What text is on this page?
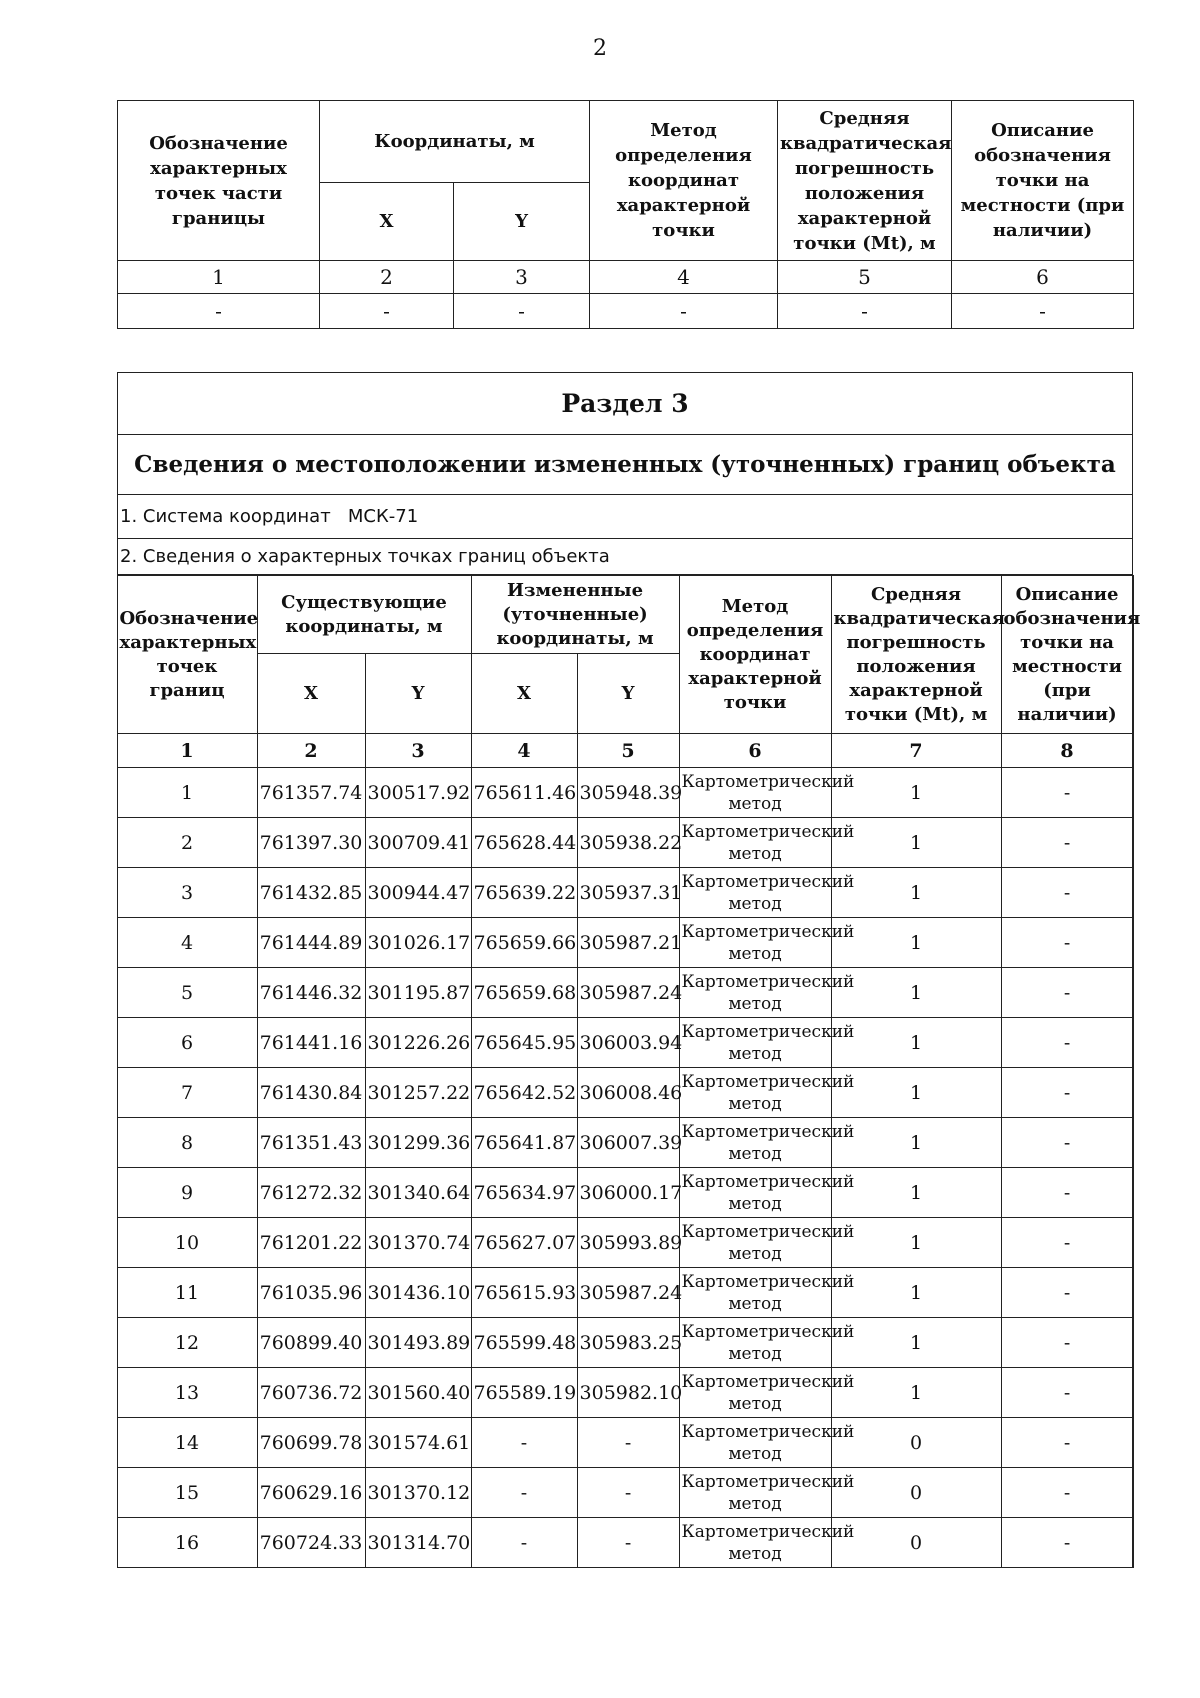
2
Обозначение характерных точек части границы	Координаты, м		Метод определения координат характерной точки	Средняя квадратическая погрешность положения характерной точки (Mt), м	Описание обозначения точки на местности (при наличии)
	X	Y			
1	2	3	4	5	6
-	-	-	-	-	-
Раздел 3
Сведения о местоположении измененных (уточненных) границ объекта
1. Система координат МСК-71
2. Сведения о характерных точках границ объекта
Обозначение характерных точек границ	Существующие координаты, м		Измененные (уточненные) координаты, м		Метод определения координат характерной точки	Средняя квадратическая погрешность положения характерной точки (Mt), м	Описание обозначения точки на местности (при наличии)
	X	Y	X	Y			
1	2	3	4	5	6	7	8
1	761357.74	300517.92	765611.46	305948.39	Картометрический метод	1	-
2	761397.30	300709.41	765628.44	305938.22	Картометрический метод	1	-
3	761432.85	300944.47	765639.22	305937.31	Картометрический метод	1	-
4	761444.89	301026.17	765659.66	305987.21	Картометрический метод	1	-
5	761446.32	301195.87	765659.68	305987.24	Картометрический метод	1	-
6	761441.16	301226.26	765645.95	306003.94	Картометрический метод	1	-
7	761430.84	301257.22	765642.52	306008.46	Картометрический метод	1	-
8	761351.43	301299.36	765641.87	306007.39	Картометрический метод	1	-
9	761272.32	301340.64	765634.97	306000.17	Картометрический метод	1	-
10	761201.22	301370.74	765627.07	305993.89	Картометрический метод	1	-
11	761035.96	301436.10	765615.93	305987.24	Картометрический метод	1	-
12	760899.40	301493.89	765599.48	305983.25	Картометрический метод	1	-
13	760736.72	301560.40	765589.19	305982.10	Картометрический метод	1	-
14	760699.78	301574.61	-	-	Картометрический метод	0	-
15	760629.16	301370.12	-	-	Картометрический метод	0	-
16	760724.33	301314.70	-	-	Картометрический метод	0	-
